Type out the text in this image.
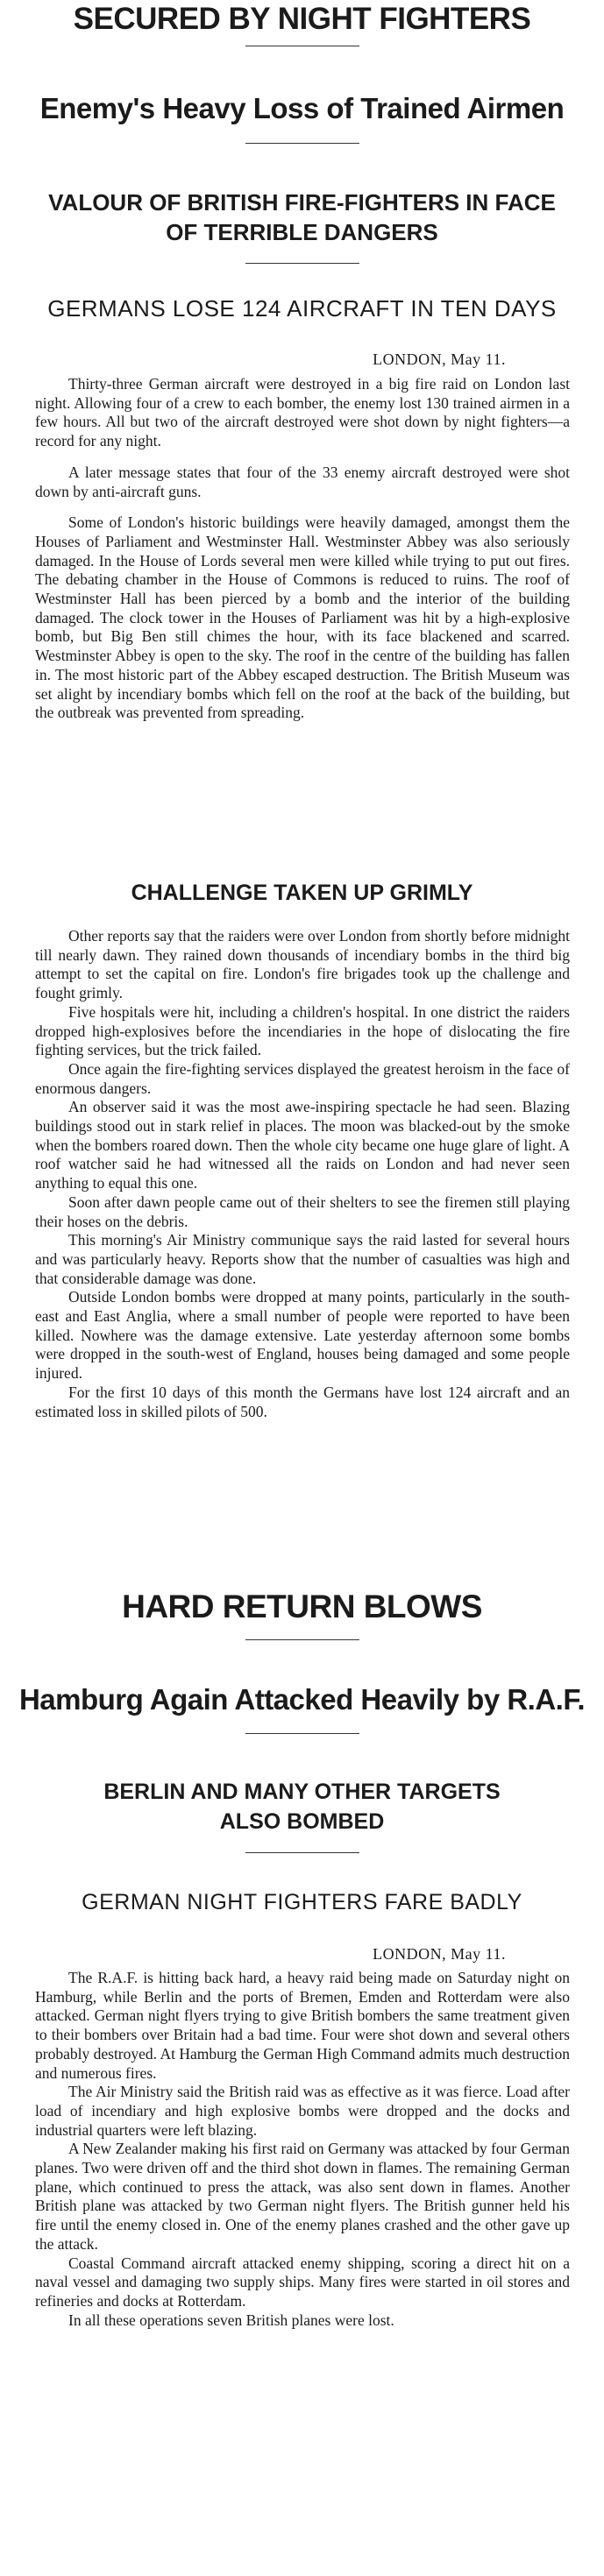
SECURED BY NIGHT FIGHTERS
Enemy's Heavy Loss of Trained Airmen
VALOUR OF BRITISH FIRE-FIGHTERS IN FACE
OF TERRIBLE DANGERS
GERMANS LOSE 124 AIRCRAFT IN TEN DAYS
LONDON, May 11.

Thirty-three German aircraft were destroyed in a big fire raid on London last night. Allowing four of a crew to each bomber, the enemy lost 130 trained airmen in a few hours. All but two of the aircraft destroyed were shot down by night fighters—a record for any night.

A later message states that four of the 33 enemy aircraft destroyed were shot down by anti-aircraft guns.

Some of London's historic buildings were heavily damaged, amongst them the Houses of Parliament and Westminster Hall. Westminster Abbey was also seriously damaged. In the House of Lords several men were killed while trying to put out fires. The debating chamber in the House of Commons is reduced to ruins. The roof of Westminster Hall has been pierced by a bomb and the interior of the building damaged. The clock tower in the Houses of Parliament was hit by a high-explosive bomb, but Big Ben still chimes the hour, with its face blackened and scarred. Westminster Abbey is open to the sky. The roof in the centre of the building has fallen in. The most historic part of the Abbey escaped destruction. The British Museum was set alight by incendiary bombs which fell on the roof at the back of the building, but the outbreak was prevented from spreading.

CHALLENGE TAKEN UP GRIMLY

Other reports say that the raiders were over London from shortly before midnight till nearly dawn. They rained down thousands of incendiary bombs in the third big attempt to set the capital on fire. London's fire brigades took up the challenge and fought grimly.

Five hospitals were hit, including a children's hospital. In one district the raiders dropped high-explosives before the incendiaries in the hope of dislocating the fire fighting services, but the trick failed.

Once again the fire-fighting services displayed the greatest heroism in the face of enormous dangers.

An observer said it was the most awe-inspiring spectacle he had seen. Blazing buildings stood out in stark relief in places. The moon was blacked-out by the smoke when the bombers roared down. Then the whole city became one huge glare of light. A roof watcher said he had witnessed all the raids on London and had never seen anything to equal this one.

Soon after dawn people came out of their shelters to see the firemen still playing their hoses on the debris.

This morning's Air Ministry communique says the raid lasted for several hours and was particularly heavy. Reports show that the number of casualties was high and that considerable damage was done.

Outside London bombs were dropped at many points, particularly in the south-east and East Anglia, where a small number of people were reported to have been killed. Nowhere was the damage extensive. Late yesterday afternoon some bombs were dropped in the south-west of England, houses being damaged and some people injured.

For the first 10 days of this month the Germans have lost 124 aircraft and an estimated loss in skilled pilots of 500.

HARD RETURN BLOWS
Hamburg Again Attacked Heavily by R.A.F.
BERLIN AND MANY OTHER TARGETS
ALSO BOMBED
GERMAN NIGHT FIGHTERS FARE BADLY
LONDON, May 11.

The R.A.F. is hitting back hard, a heavy raid being made on Saturday night on Hamburg, while Berlin and the ports of Bremen, Emden and Rotterdam were also attacked. German night flyers trying to give British bombers the same treatment given to their bombers over Britain had a bad time. Four were shot down and several others probably destroyed. At Hamburg the German High Command admits much destruction and numerous fires.

The Air Ministry said the British raid was as effective as it was fierce. Load after load of incendiary and high explosive bombs were dropped and the docks and industrial quarters were left blazing.

A New Zealander making his first raid on Germany was attacked by four German planes. Two were driven off and the third shot down in flames. The remaining German plane, which continued to press the attack, was also sent down in flames. Another British plane was attacked by two German night flyers. The British gunner held his fire until the enemy closed in. One of the enemy planes crashed and the other gave up the attack.

Coastal Command aircraft attacked enemy shipping, scoring a direct hit on a naval vessel and damaging two supply ships. Many fires were started in oil stores and refineries and docks at Rotterdam.

In all these operations seven British planes were lost.
